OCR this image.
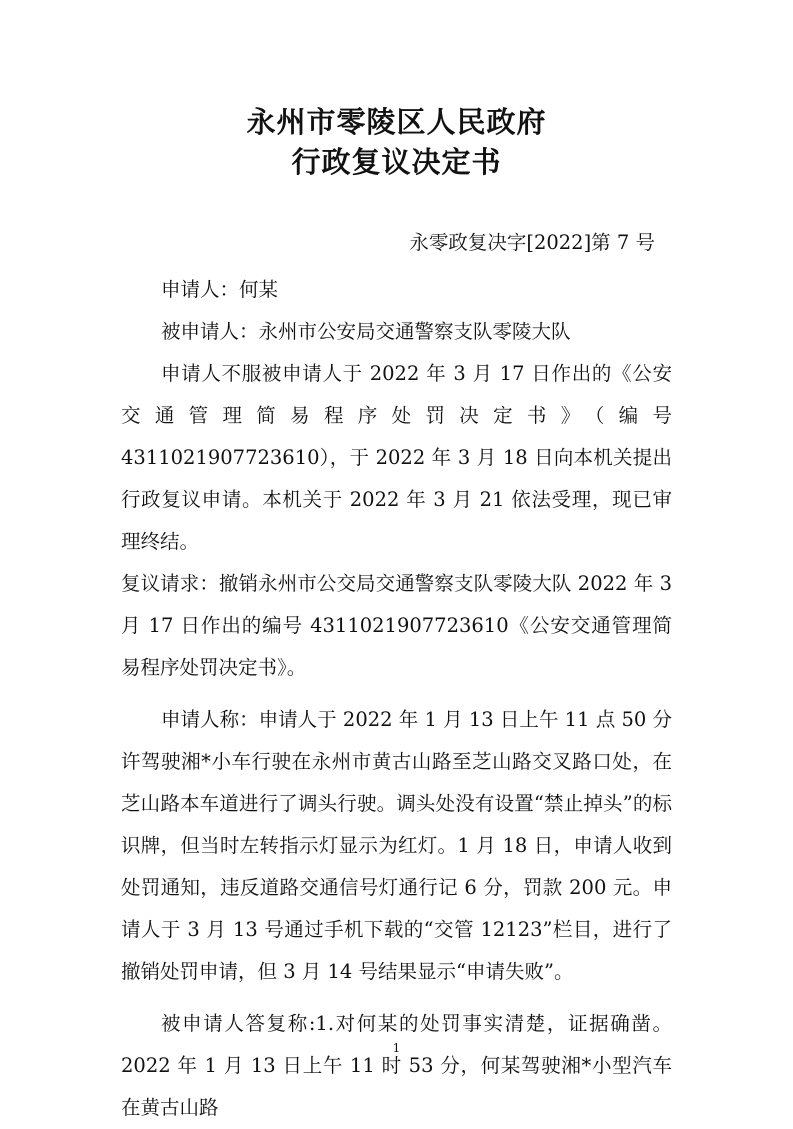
永州市零陵区人民政府
行政复议决定书
永零政复决字[2022]第 7 号

申请人：何某

被申请人：永州市公安局交通警察支队零陵大队

申请人不服被申请人于 2022 年 3 月 17 日作出的《公安交通管理简易程序处罚决定书》（编号 4311021907723610），于 2022 年 3 月 18 日向本机关提出行政复议申请。本机关于 2022 年 3 月 21 依法受理，现已审理终结。

复议请求：撤销永州市公交局交通警察支队零陵大队 2022 年 3 月 17 日作出的编号 4311021907723610《公安交通管理简易程序处罚决定书》。

申请人称：申请人于 2022 年 1 月 13 日上午 11 点 50 分许驾驶湘*小车行驶在永州市黄古山路至芝山路交叉路口处，在芝山路本车道进行了调头行驶。调头处没有设置“禁止掉头”的标识牌，但当时左转指示灯显示为红灯。1 月 18 日，申请人收到处罚通知，违反道路交通信号灯通行记 6 分，罚款 200 元。申请人于 3 月 13 号通过手机下载的“交管 12123”栏目，进行了撤销处罚申请，但 3 月 14 号结果显示“申请失败”。

被申请人答复称:1.对何某的处罚事实清楚，证据确凿。2022 年 1 月 13 日上午 11 时 53 分，何某驾驶湘*小型汽车在黄古山路

1
